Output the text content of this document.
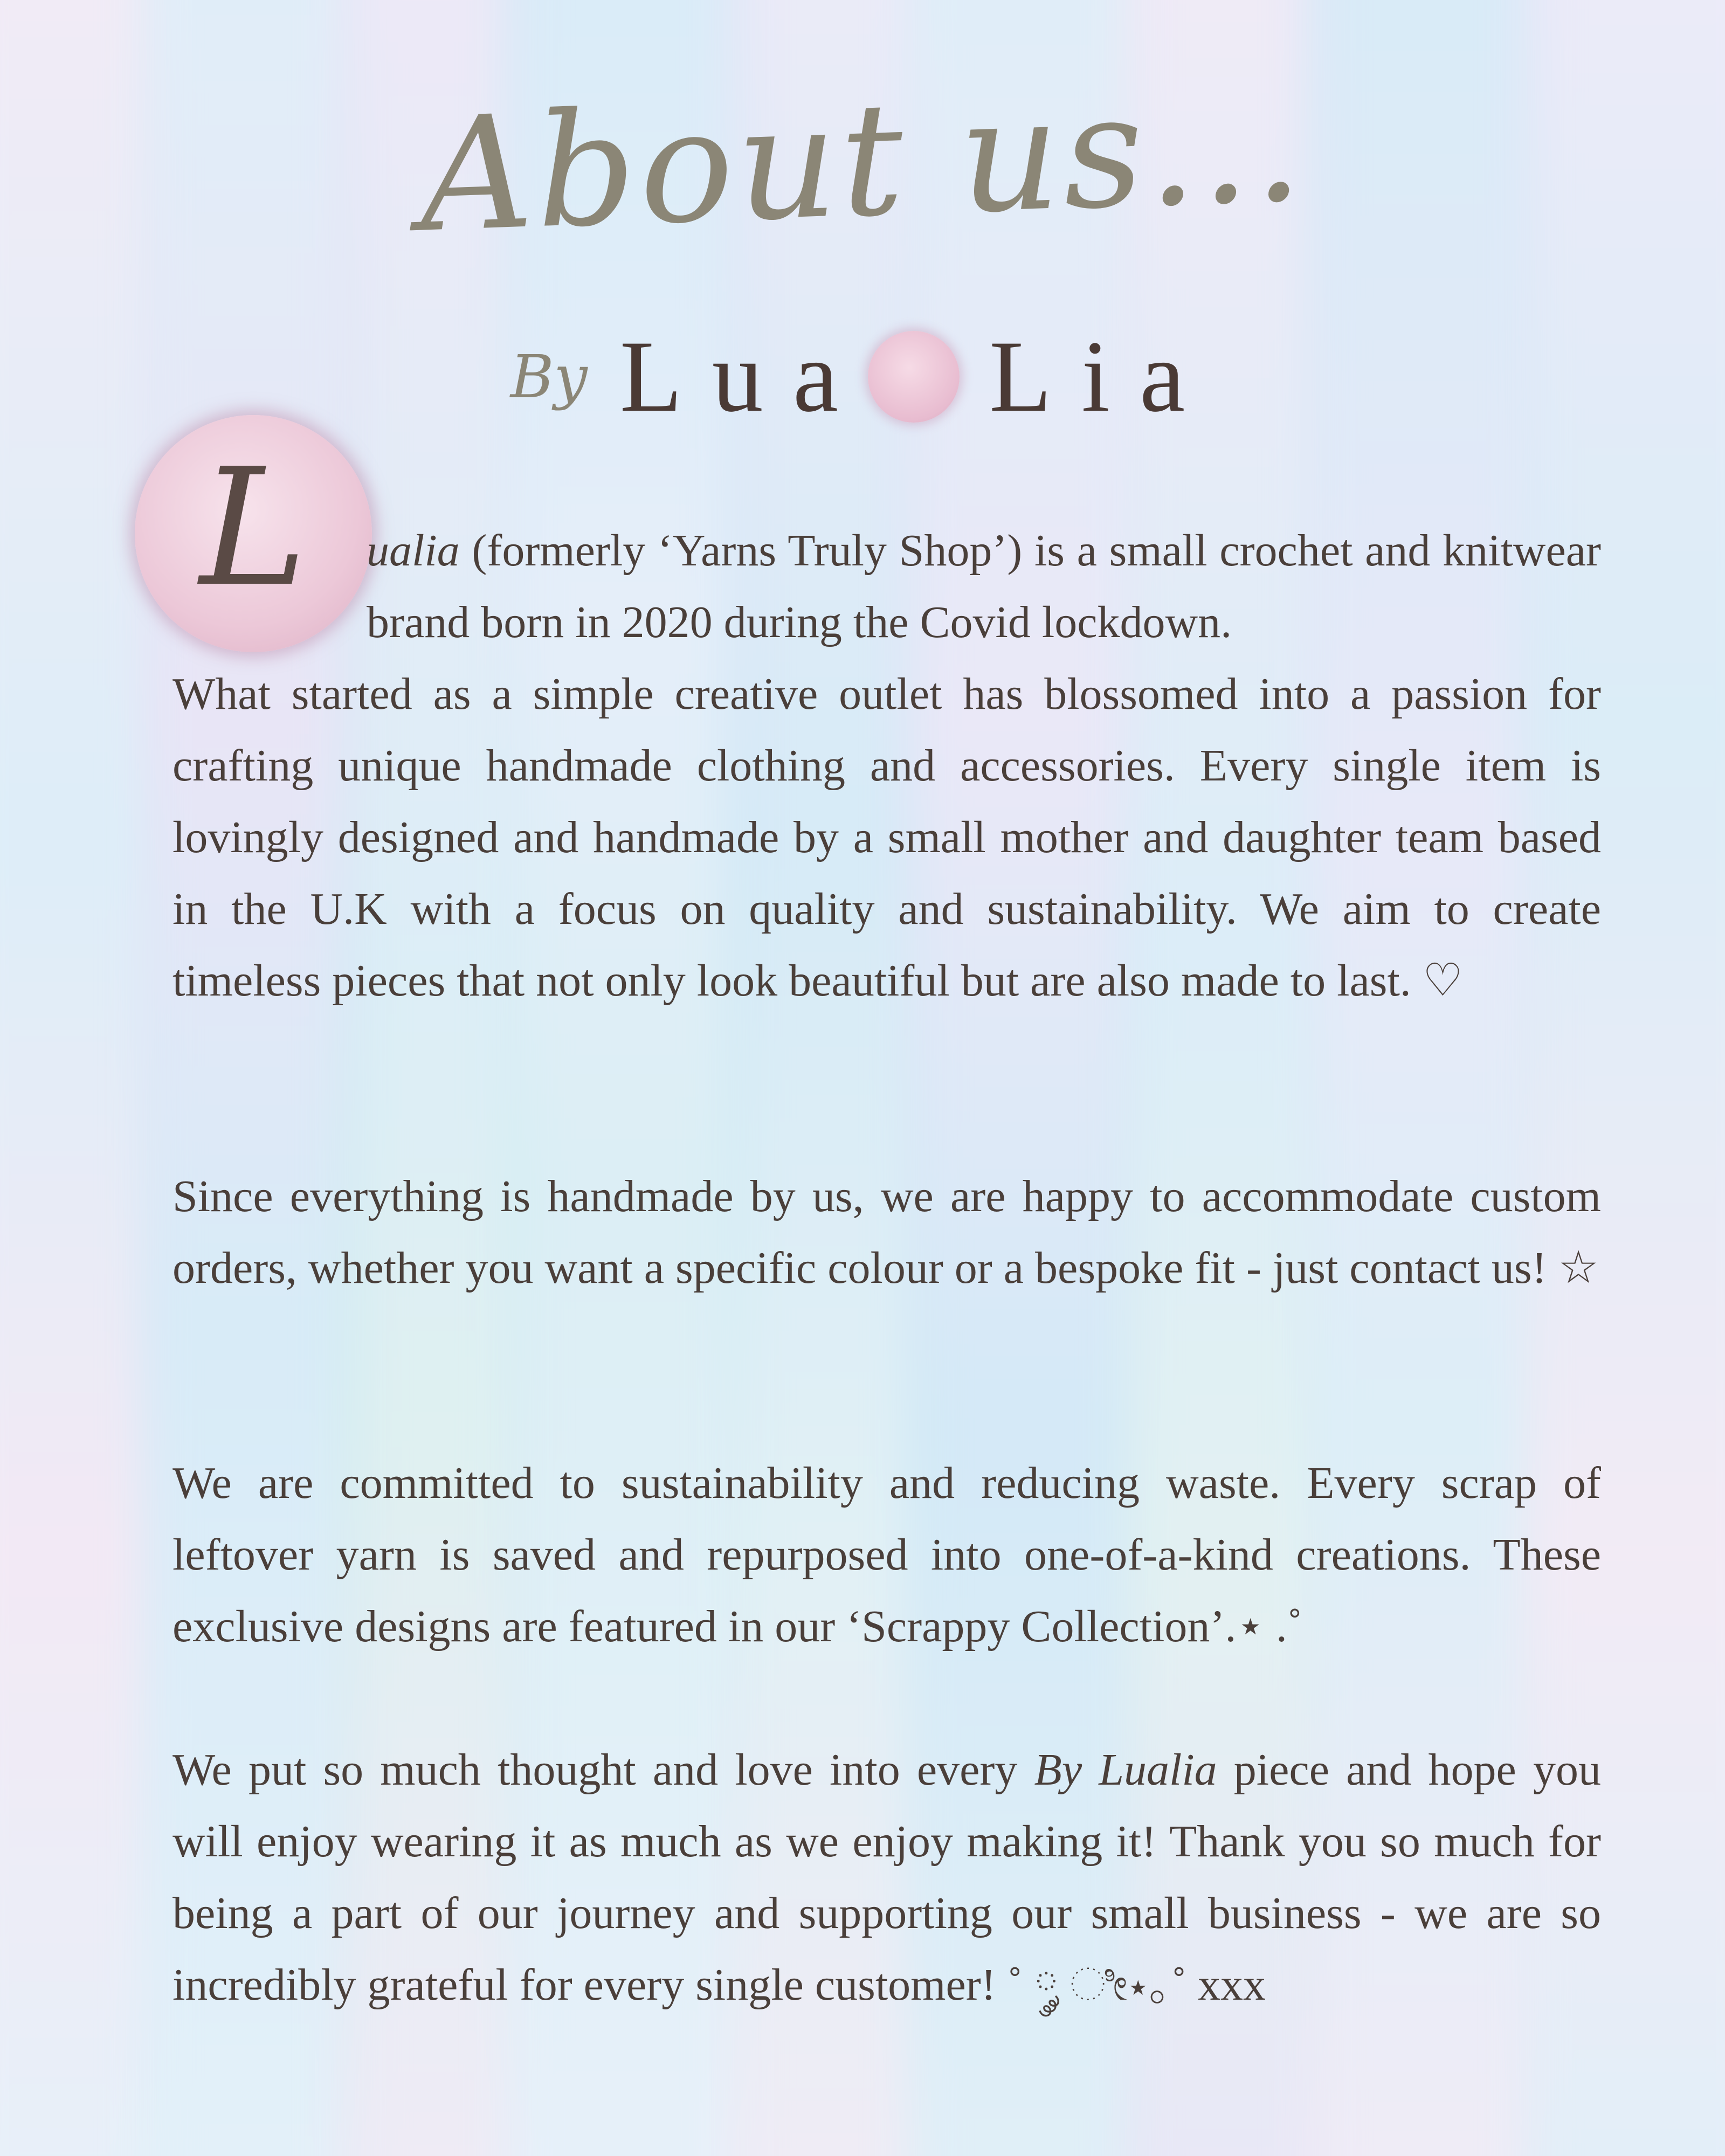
About us...
By Lua Lia
L ualia (formerly ‘Yarns Truly Shop’) is a small crochet and knitwear brand born in 2020 during the Covid lockdown.

What started as a simple creative outlet has blossomed into a passion for crafting unique handmade clothing and accessories. Every single item is lovingly designed and handmade by a small mother and daughter team based in the U.K with a focus on quality and sustainability. We aim to create timeless pieces that not only look beautiful but are also made to last. ♡

Since everything is handmade by us, we are happy to accommodate custom orders, whether you want a specific colour or a bespoke fit - just contact us! ☆

We are committed to sustainability and reducing waste. Every scrap of leftover yarn is saved and repurposed into one-of-a-kind creations. These exclusive designs are featured in our ‘Scrappy Collection’.⋆ .˚

We put so much thought and love into every By Lualia piece and hope you will enjoy wearing it as much as we enjoy making it! Thank you so much for being a part of our journey and supporting our small business - we are so incredibly grateful for every single customer! ˚ ༘ ೀ⋆｡˚ xxx
